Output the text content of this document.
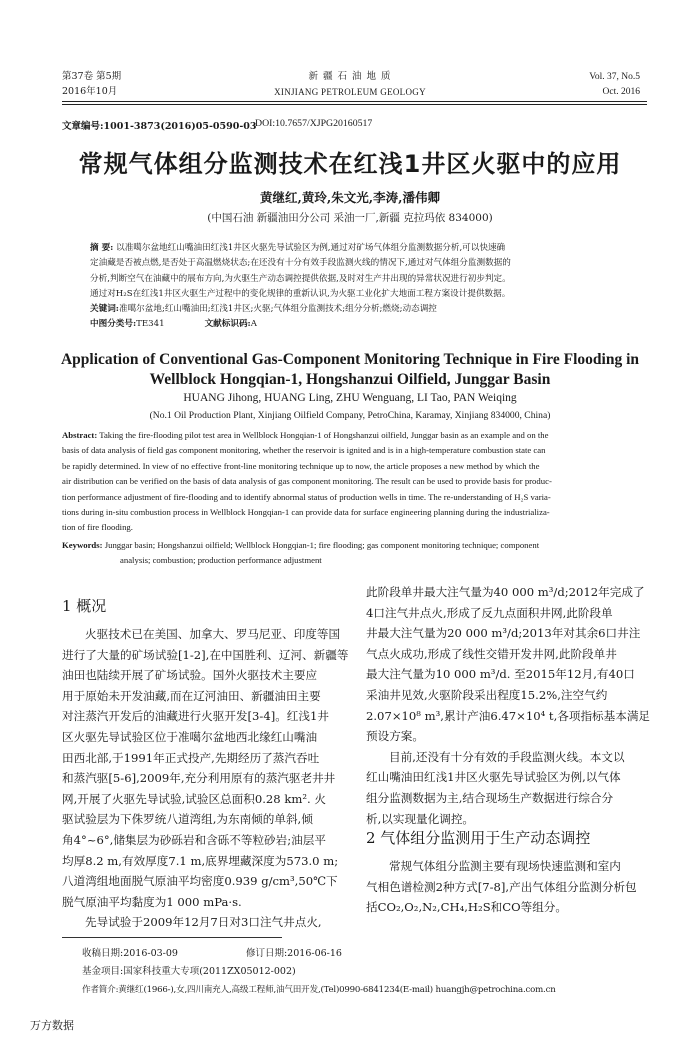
第37卷 第5期
2016年10月
新 疆 石 油 地 质
XINJIANG PETROLEUM GEOLOGY
Vol. 37, No.5
Oct. 2016
文章编号:1001-3873(2016)05-0590-03
DOI:10.7657/XJPG20160517
常规气体组分监测技术在红浅1井区火驱中的应用
黄继红,黄玲,朱文光,李涛,潘伟卿
(中国石油 新疆油田分公司 采油一厂,新疆 克拉玛依 834000)
摘 要: 以准噶尔盆地红山嘴油田红浅1井区火驱先导试验区为例,通过对矿场气体组分监测数据分析,可以快速确
定油藏是否被点燃,是否处于高温燃烧状态;在还没有十分有效手段监测火线的情况下,通过对气体组分监测数据的
分析,判断空气在油藏中的展布方向,为火驱生产动态调控提供依据,及时对生产井出现的异常状况进行初步判定。
通过对H₂S在红浅1井区火驱生产过程中的变化规律的重新认识,为火驱工业化扩大地面工程方案设计提供数据。
关键词:准噶尔盆地;红山嘴油田;红浅1井区;火驱;气体组分监测技术;组分分析;燃烧;动态调控
中图分类号:TE341	文献标识码:A
Application of Conventional Gas-Component Monitoring Technique in Fire Flooding in
Wellblock Hongqian-1, Hongshanzui Oilfield, Junggar Basin
HUANG Jihong, HUANG Ling, ZHU Wenguang, LI Tao, PAN Weiqing
(No.1 Oil Production Plant, Xinjiang Oilfield Company, PetroChina, Karamay, Xinjiang 834000, China)
Abstract: Taking the fire-flooding pilot test area in Wellblock Hongqian-1 of Hongshanzui oilfield, Junggar basin as an example and on the
basis of data analysis of field gas component monitoring, whether the reservoir is ignited and is in a high-temperature combustion state can
be rapidly determined. In view of no effective front-line monitoring technique up to now, the article proposes a new method by which the
air distribution can be verified on the basis of data analysis of gas component monitoring. The result can be used to provide basis for produc-
tion performance adjustment of fire-flooding and to identify abnormal status of production wells in time. The re-understanding of H₂S varia-
tions during in-situ combustion process in Wellblock Hongqian-1 can provide data for surface engineering planning during the industrializa-
tion of fire flooding.
Keywords: Junggar basin; Hongshanzui oilfield; Wellblock Hongqian-1; fire flooding; gas component monitoring technique; component
analysis; combustion; production performance adjustment
1 概况
火驱技术已在美国、加拿大、罗马尼亚、印度等国
进行了大量的矿场试验[1-2],在中国胜利、辽河、新疆等
油田也陆续开展了矿场试验。国外火驱技术主要应
用于原始未开发油藏,而在辽河油田、新疆油田主要
对注蒸汽开发后的油藏进行火驱开发[3-4]。红浅1井
区火驱先导试验区位于准噶尔盆地西北缘红山嘴油
田西北部,于1991年正式投产,先期经历了蒸汽吞吐
和蒸汽驱[5-6],2009年,充分利用原有的蒸汽驱老井井
网,开展了火驱先导试验,试验区总面积0.28 km². 火
驱试验层为下侏罗统八道湾组,为东南倾的单斜,倾
角4°~6°,储集层为砂砾岩和含砾不等粒砂岩;油层平
均厚8.2 m,有效厚度7.1 m,底界埋藏深度为573.0 m;
八道湾组地面脱气原油平均密度0.939 g/cm³,50℃下
脱气原油平均黏度为1 000 mPa·s.
先导试验于2009年12月7日对3口注气井点火,
此阶段单井最大注气量为40 000 m³/d;2012年完成了
4口注气井点火,形成了反九点面积井网,此阶段单
井最大注气量为20 000 m³/d;2013年对其余6口井注
气点火成功,形成了线性交错开发井网,此阶段单井
最大注气量为10 000 m³/d. 至2015年12月,有40口
采油井见效,火驱阶段采出程度15.2%,注空气约
2.07×10⁸ m³,累计产油6.47×10⁴ t,各项指标基本满足
预设方案。
目前,还没有十分有效的手段监测火线。本文以
红山嘴油田红浅1井区火驱先导试验区为例,以气体
组分监测数据为主,结合现场生产数据进行综合分
析,以实现量化调控。
2 气体组分监测用于生产动态调控
常规气体组分监测主要有现场快速监测和室内
气相色谱检测2种方式[7-8],产出气体组分监测分析包
括CO₂,O₂,N₂,CH₄,H₂S和CO等组分。
收稿日期:2016-03-09	修订日期:2016-06-16
基金项目:国家科技重大专项(2011ZX05012-002)
作者简介:黄继红(1966-),女,四川南充人,高级工程师,油气田开发,(Tel)0990-6841234(E-mail) huangjh@petrochina.com.cn
万方数据
